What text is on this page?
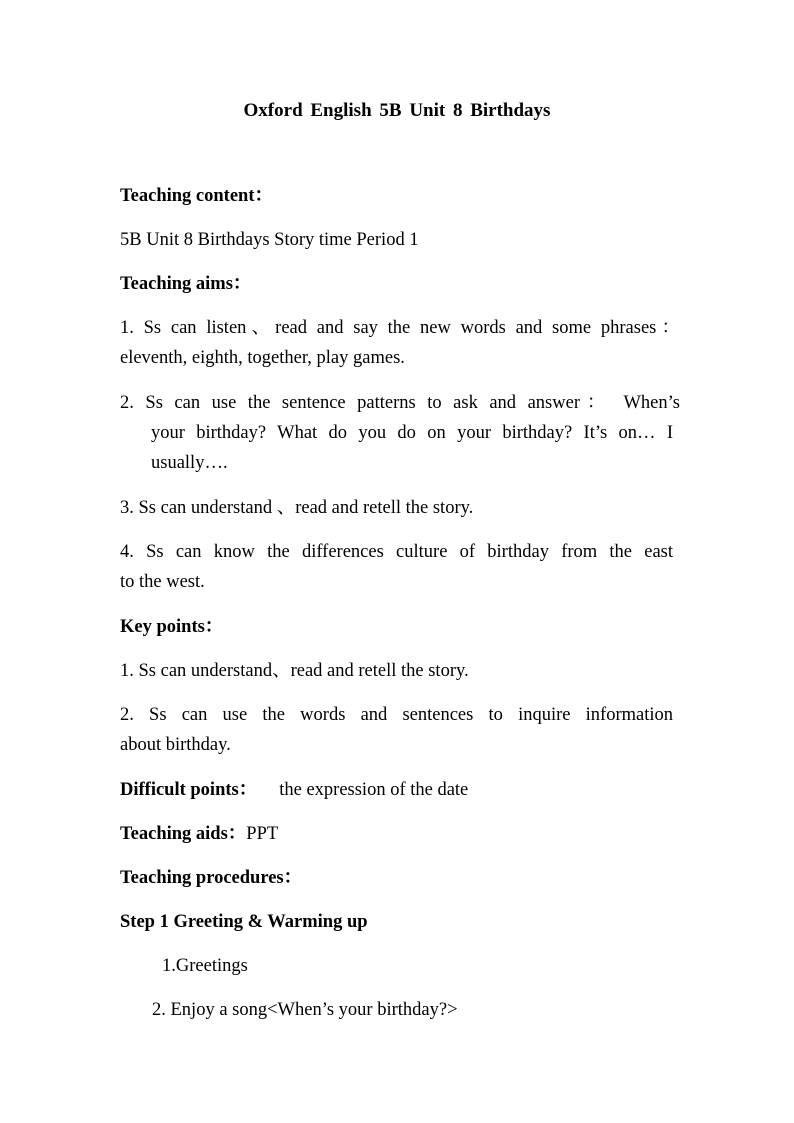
Oxford English 5B Unit 8 Birthdays
Teaching content：
5B Unit 8 Birthdays Story time Period 1
Teaching aims：
1. Ss can listen、read and say the new words and some phrases：
eleventh, eighth, together, play games.
2. Ss can use the sentence patterns to ask and answer： When’s
your birthday? What do you do on your birthday? It’s on… I
usually….
3. Ss can understand 、read and retell the story.
4. Ss can know the differences culture of birthday from the east
to the west.
Key points：
1. Ss can understand、read and retell the story.
2. Ss can use the words and sentences to inquire information
about birthday.
Difficult points： the expression of the date
Teaching aids：PPT
Teaching procedures：
Step 1 Greeting & Warming up
1.Greetings
2. Enjoy a song<When’s your birthday?>
